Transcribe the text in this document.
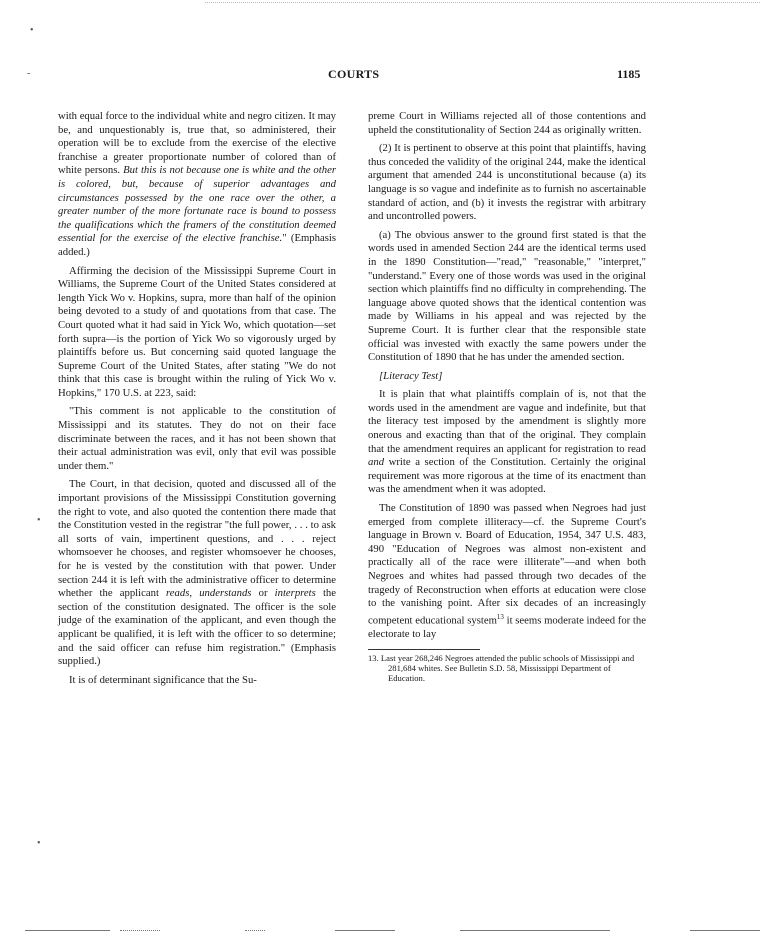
•
-
•
•
COURTS	1185

with equal force to the individual white and negro citizen. It may be, and unquestionably is, true that, so administered, their operation will be to exclude from the exercise of the elective franchise a greater proportionate number of colored than of white persons. But this is not because one is white and the other is colored, but, because of superior advantages and circumstances possessed by the one race over the other, a greater number of the more fortunate race is bound to possess the qualifications which the framers of the constitution deemed essential for the exercise of the elective franchise." (Emphasis added.)

Affirming the decision of the Mississippi Supreme Court in Williams, the Supreme Court of the United States considered at length Yick Wo v. Hopkins, supra, more than half of the opinion being devoted to a study of and quotations from that case. The Court quoted what it had said in Yick Wo, which quotation—set forth supra—is the portion of Yick Wo so vigorously urged by plaintiffs before us. But concerning said quoted language the Supreme Court of the United States, after stating "We do not think that this case is brought within the ruling of Yick Wo v. Hopkins," 170 U.S. at 223, said:

"This comment is not applicable to the constitution of Mississippi and its statutes. They do not on their face discriminate between the races, and it has not been shown that their actual administration was evil, only that evil was possible under them."

The Court, in that decision, quoted and discussed all of the important provisions of the Mississippi Constitution governing the right to vote, and also quoted the contention there made that the Constitution vested in the registrar "the full power, . . . to ask all sorts of vain, impertinent questions, and . . . reject whomsoever he chooses, and register whomsoever he chooses, for he is vested by the constitution with that power. Under section 244 it is left with the administrative officer to determine whether the applicant reads, understands or interprets the section of the constitution designated. The officer is the sole judge of the examination of the applicant, and even though the applicant be qualified, it is left with the officer to so determine; and the said officer can refuse him registration." (Emphasis supplied.)

It is of determinant significance that the Su-

preme Court in Williams rejected all of those contentions and upheld the constitutionality of Section 244 as originally written.

(2) It is pertinent to observe at this point that plaintiffs, having thus conceded the validity of the original 244, make the identical argument that amended 244 is unconstitutional because (a) its language is so vague and indefinite as to furnish no ascertainable standard of action, and (b) it invests the registrar with arbitrary and uncontrolled powers.

(a) The obvious answer to the ground first stated is that the words used in amended Section 244 are the identical terms used in the 1890 Constitution—"read," "reasonable," "interpret," "understand." Every one of those words was used in the original section which plaintiffs find no difficulty in comprehending. The language above quoted shows that the identical contention was made by Williams in his appeal and was rejected by the Supreme Court. It is further clear that the responsible state official was invested with exactly the same powers under the Constitution of 1890 that he has under the amended section.

[Literacy Test]

It is plain that what plaintiffs complain of is, not that the words used in the amendment are vague and indefinite, but that the literacy test imposed by the amendment is slightly more onerous and exacting than that of the original. They complain that the amendment requires an applicant for registration to read and write a section of the Constitution. Certainly the original requirement was more rigorous at the time of its enactment than was the amendment when it was adopted.

The Constitution of 1890 was passed when Negroes had just emerged from complete illiteracy—cf. the Supreme Court's language in Brown v. Board of Education, 1954, 347 U.S. 483, 490 "Education of Negroes was almost non-existent and practically all of the race were illiterate"—and when both Negroes and whites had passed through two decades of the tragedy of Reconstruction when efforts at education were close to the vanishing point. After six decades of an increasingly competent educational system$^{13}$ it seems moderate indeed for the electorate to lay

13. Last year 268,246 Negroes attended the public schools of Mississippi and 281,684 whites. See Bulletin S.D. 58, Mississippi Department of Education.
